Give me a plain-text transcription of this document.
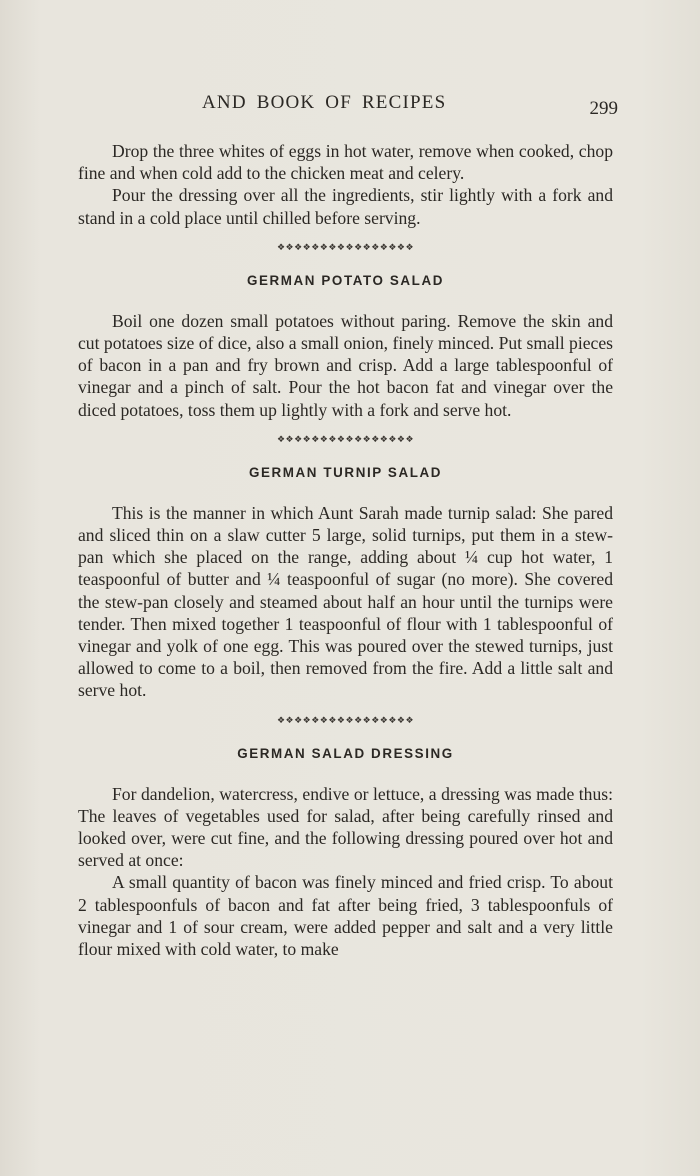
AND BOOK OF RECIPES	299

Drop the three whites of eggs in hot water, remove when cooked, chop fine and when cold add to the chicken meat and celery.

Pour the dressing over all the ingredients, stir lightly with a fork and stand in a cold place until chilled before serving.

❖❖❖❖❖❖❖❖❖❖❖❖❖❖❖❖
GERMAN POTATO SALAD

Boil one dozen small potatoes without paring. Remove the skin and cut potatoes size of dice, also a small onion, finely minced. Put small pieces of bacon in a pan and fry brown and crisp. Add a large tablespoonful of vinegar and a pinch of salt. Pour the hot bacon fat and vinegar over the diced potatoes, toss them up lightly with a fork and serve hot.

❖❖❖❖❖❖❖❖❖❖❖❖❖❖❖❖
GERMAN TURNIP SALAD

This is the manner in which Aunt Sarah made turnip salad: She pared and sliced thin on a slaw cutter 5 large, solid turnips, put them in a stew-pan which she placed on the range, adding about ¼ cup hot water, 1 teaspoonful of butter and ¼ teaspoonful of sugar (no more). She covered the stew-pan closely and steamed about half an hour until the turnips were tender. Then mixed together 1 teaspoonful of flour with 1 tablespoonful of vinegar and yolk of one egg. This was poured over the stewed turnips, just allowed to come to a boil, then removed from the fire. Add a little salt and serve hot.

❖❖❖❖❖❖❖❖❖❖❖❖❖❖❖❖
GERMAN SALAD DRESSING

For dandelion, watercress, endive or lettuce, a dressing was made thus: The leaves of vegetables used for salad, after being carefully rinsed and looked over, were cut fine, and the following dressing poured over hot and served at once:

A small quantity of bacon was finely minced and fried crisp. To about 2 tablespoonfuls of bacon and fat after being fried, 3 tablespoonfuls of vinegar and 1 of sour cream, were added pepper and salt and a very little flour mixed with cold water, to make
